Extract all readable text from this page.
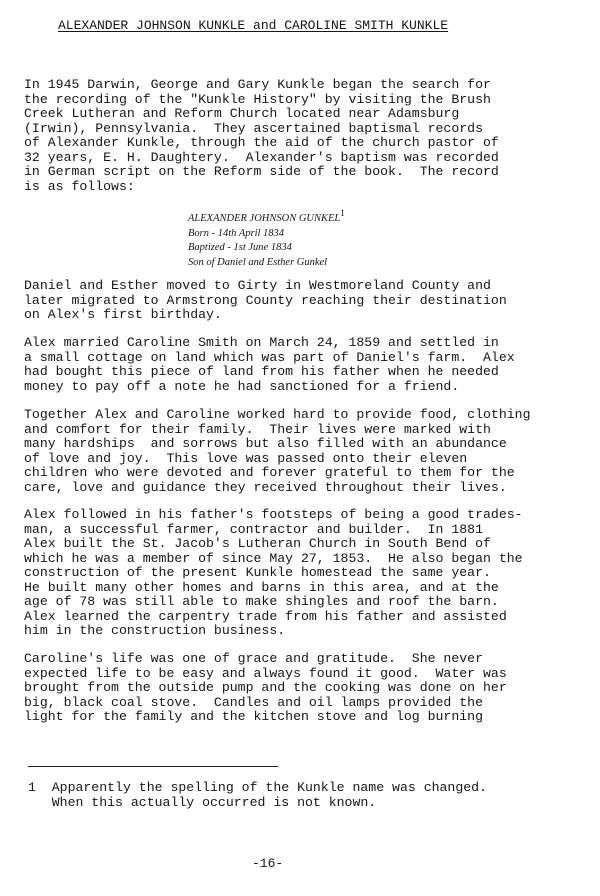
ALEXANDER JOHNSON KUNKLE and CAROLINE SMITH KUNKLE

In 1945 Darwin, George and Gary Kunkle began the search for
the recording of the "Kunkle History" by visiting the Brush
Creek Lutheran and Reform Church located near Adamsburg
(Irwin), Pennsylvania.  They ascertained baptismal records
of Alexander Kunkle, through the aid of the church pastor of
32 years, E. H. Daughtery.  Alexander's baptism was recorded
in German script on the Reform side of the book.  The record
is as follows:

ALEXANDER JOHNSON GUNKEL1
Born - 14th April 1834
Baptized - 1st June 1834
Son of Daniel and Esther Gunkel

Daniel and Esther moved to Girty in Westmoreland County and
later migrated to Armstrong County reaching their destination
on Alex's first birthday.

Alex married Caroline Smith on March 24, 1859 and settled in
a small cottage on land which was part of Daniel's farm.  Alex
had bought this piece of land from his father when he needed
money to pay off a note he had sanctioned for a friend.

Together Alex and Caroline worked hard to provide food, clothing
and comfort for their family.  Their lives were marked with
many hardships  and sorrows but also filled with an abundance
of love and joy.  This love was passed onto their eleven
children who were devoted and forever grateful to them for the
care, love and guidance they received throughout their lives.

Alex followed in his father's footsteps of being a good trades-
man, a successful farmer, contractor and builder.  In 1881
Alex built the St. Jacob's Lutheran Church in South Bend of
which he was a member of since May 27, 1853.  He also began the
construction of the present Kunkle homestead the same year.
He built many other homes and barns in this area, and at the
age of 78 was still able to make shingles and roof the barn.
Alex learned the carpentry trade from his father and assisted
him in the construction business.

Caroline's life was one of grace and gratitude.  She never
expected life to be easy and always found it good.  Water was
brought from the outside pump and the cooking was done on her
big, black coal stove.  Candles and oil lamps provided the
light for the family and the kitchen stove and log burning

1  Apparently the spelling of the Kunkle name was changed.
When this actually occurred is not known.
-16-
